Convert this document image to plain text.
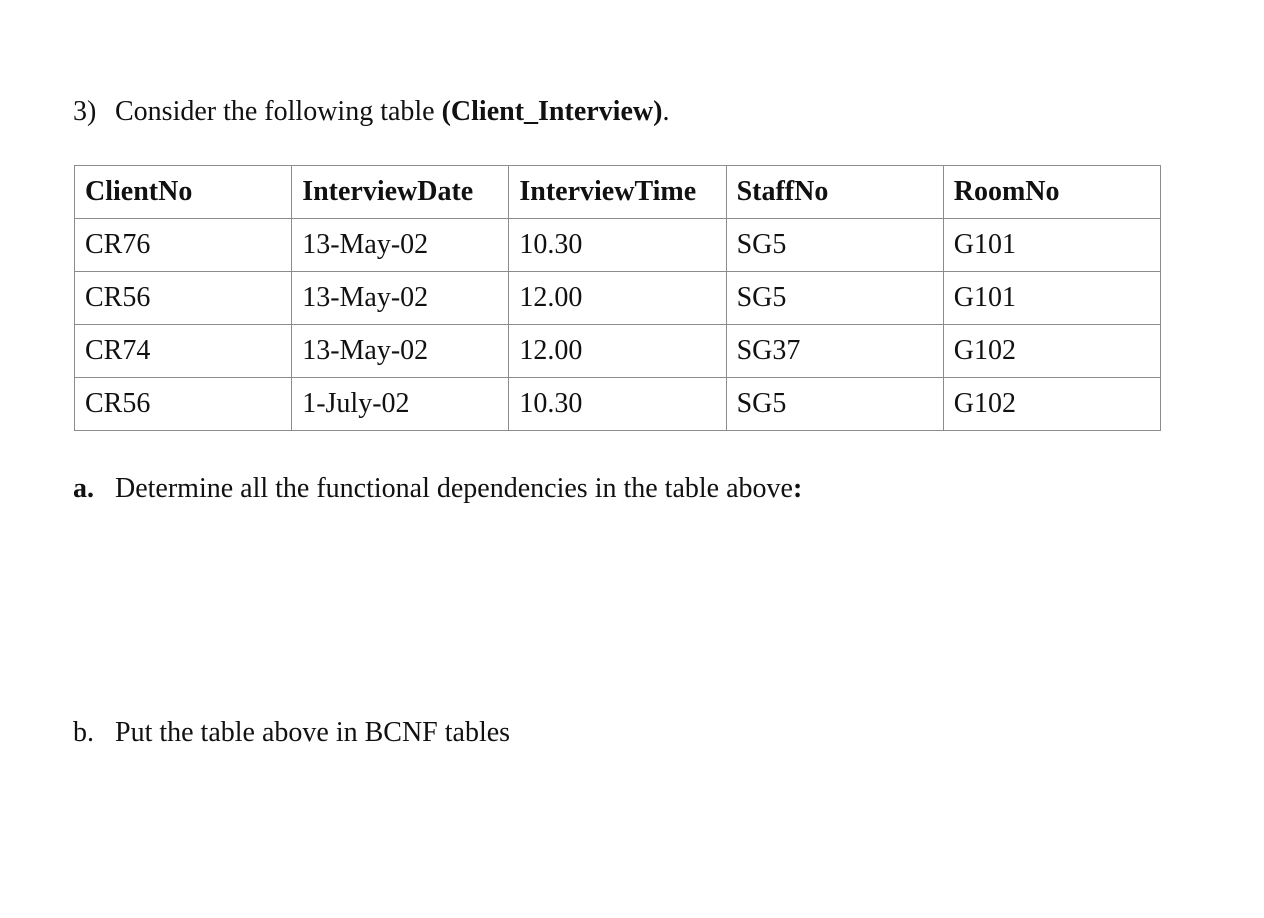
3) Consider the following table (Client_Interview).
ClientNo	InterviewDate	InterviewTime	StaffNo	RoomNo
CR76	13-May-02	10.30	SG5	G101
CR56	13-May-02	12.00	SG5	G101
CR74	13-May-02	12.00	SG37	G102
CR56	1-July-02	10.30	SG5	G102
a. Determine all the functional dependencies in the table above:
b. Put the table above in BCNF tables
